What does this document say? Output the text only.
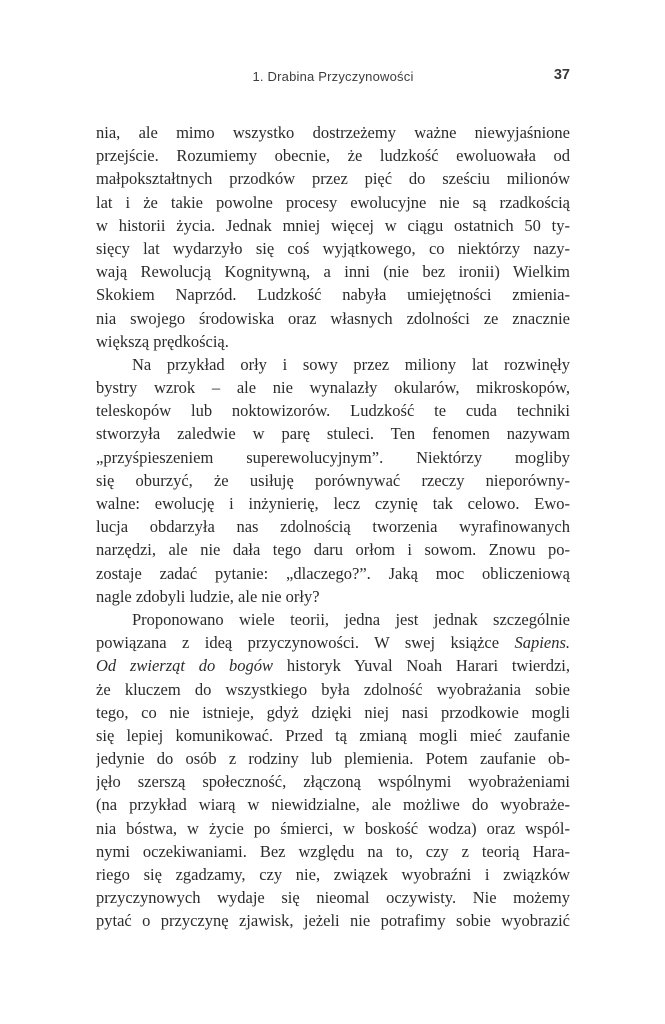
1. Drabina Przyczynowości	37
nia, ale mimo wszystko dostrzeżemy ważne niewyjaśnione
przejście. Rozumiemy obecnie, że ludzkość ewoluowała od
małpokształtnych przodków przez pięć do sześciu milionów
lat i że takie powolne procesy ewolucyjne nie są rzadkością
w historii życia. Jednak mniej więcej w ciągu ostatnich 50 ty-
sięcy lat wydarzyło się coś wyjątkowego, co niektórzy nazy-
wają Rewolucją Kognitywną, a inni (nie bez ironii) Wielkim
Skokiem Naprzód. Ludzkość nabyła umiejętności zmienia-
nia swojego środowiska oraz własnych zdolności ze znacznie
większą prędkością.
Na przykład orły i sowy przez miliony lat rozwinęły
bystry wzrok – ale nie wynalazły okularów, mikroskopów,
teleskopów lub noktowizorów. Ludzkość te cuda techniki
stworzyła zaledwie w parę stuleci. Ten fenomen nazywam
„przyśpieszeniem superewolucyjnym”. Niektórzy mogliby
się oburzyć, że usiłuję porównywać rzeczy nieporówny-
walne: ewolucję i inżynierię, lecz czynię tak celowo. Ewo-
lucja obdarzyła nas zdolnością tworzenia wyrafinowanych
narzędzi, ale nie dała tego daru orłom i sowom. Znowu po-
zostaje zadać pytanie: „dlaczego?”. Jaką moc obliczeniową
nagle zdobyli ludzie, ale nie orły?
Proponowano wiele teorii, jedna jest jednak szczególnie
powiązana z ideą przyczynowości. W swej książce Sapiens.
Od zwierząt do bogów historyk Yuval Noah Harari twierdzi,
że kluczem do wszystkiego była zdolność wyobrażania sobie
tego, co nie istnieje, gdyż dzięki niej nasi przodkowie mogli
się lepiej komunikować. Przed tą zmianą mogli mieć zaufanie
jedynie do osób z rodziny lub plemienia. Potem zaufanie ob-
jęło szerszą społeczność, złączoną wspólnymi wyobrażeniami
(na przykład wiarą w niewidzialne, ale możliwe do wyobraże-
nia bóstwa, w życie po śmierci, w boskość wodza) oraz wspól-
nymi oczekiwaniami. Bez względu na to, czy z teorią Hara-
riego się zgadzamy, czy nie, związek wyobraźni i związków
przyczynowych wydaje się nieomal oczywisty. Nie możemy
pytać o przyczynę zjawisk, jeżeli nie potrafimy sobie wyobrazić
